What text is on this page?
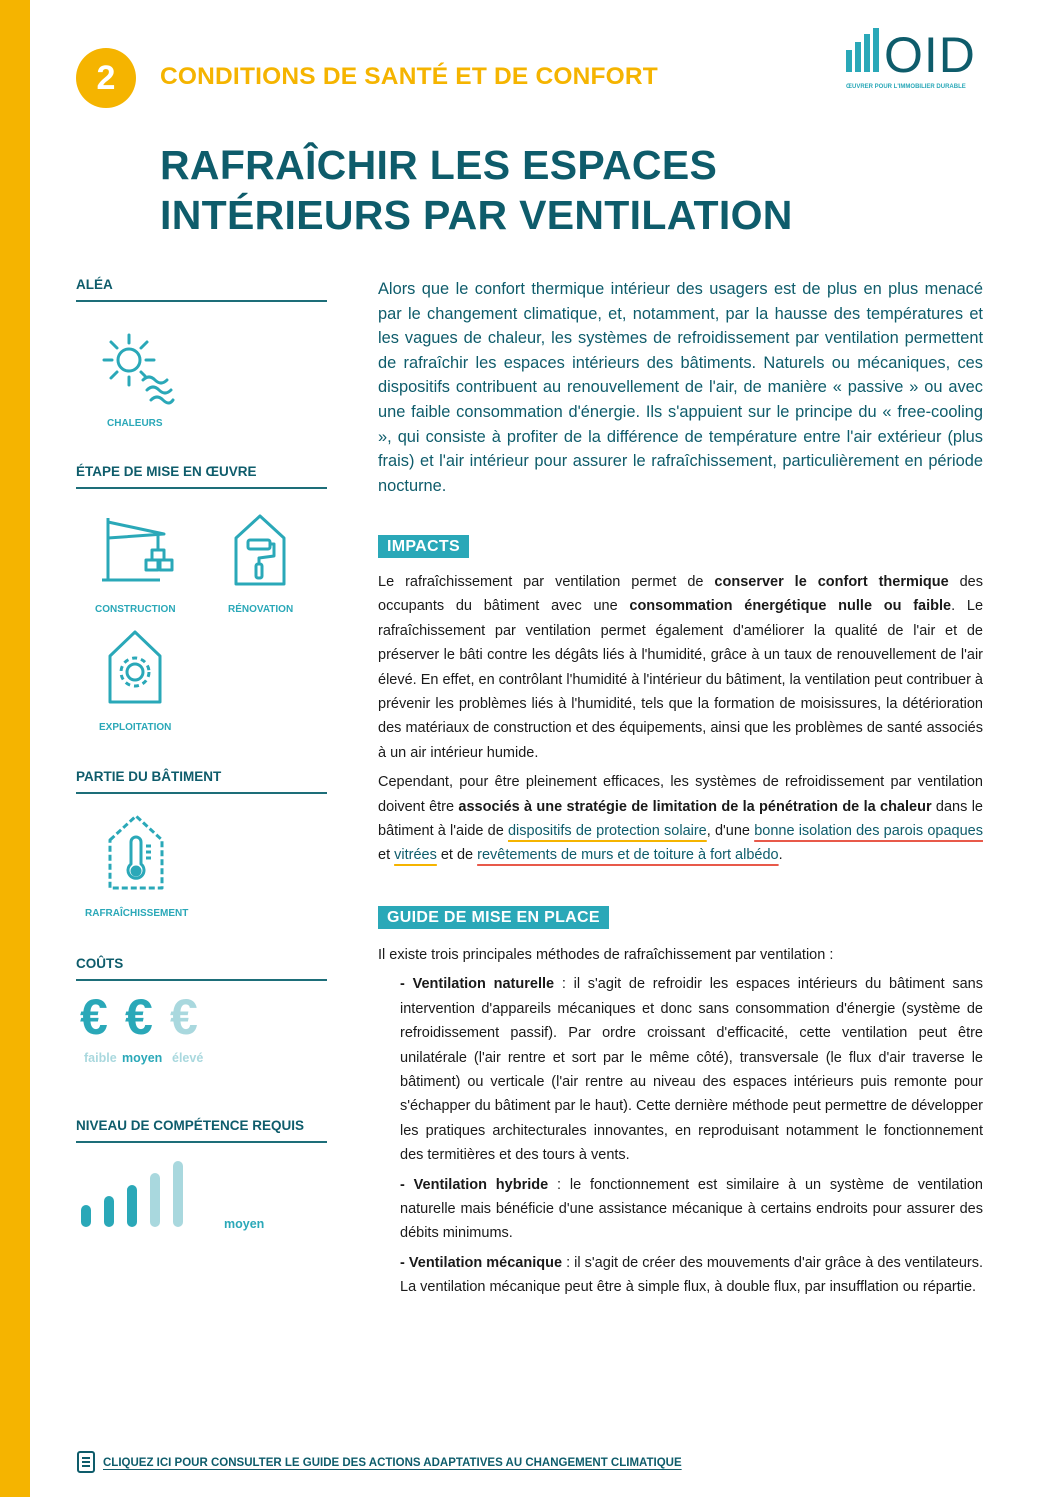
2	CONDITIONS DE SANTÉ ET DE CONFORT	OID
ŒUVRER POUR L'IMMOBILIER DURABLE
RAFRAÎCHIR LES ESPACES
INTÉRIEURS PAR VENTILATION
ALÉA
CHALEURS
ÉTAPE DE MISE EN ŒUVRE
CONSTRUCTION	RÉNOVATION
EXPLOITATION
PARTIE DU BÂTIMENT
RAFRAÎCHISSEMENT
COÛTS
€ € €
faible moyen élevé
NIVEAU DE COMPÉTENCE REQUIS
moyen
Alors que le confort thermique intérieur des usagers est de plus en plus menacé par le changement climatique, et, notamment, par la hausse des températures et les vagues de chaleur, les systèmes de refroidissement par ventilation permettent de rafraîchir les espaces intérieurs des bâtiments. Naturels ou mécaniques, ces dispositifs contribuent au renouvellement de l'air, de manière « passive » ou avec une faible consommation d'énergie. Ils s'appuient sur le principe du « free-cooling », qui consiste à profiter de la différence de température entre l'air extérieur (plus frais) et l'air intérieur pour assurer le rafraîchissement, particulièrement en période nocturne.
IMPACTS

Le rafraîchissement par ventilation permet de conserver le confort thermique des occupants du bâtiment avec une consommation énergétique nulle ou faible. Le rafraîchissement par ventilation permet également d'améliorer la qualité de l'air et de préserver le bâti contre les dégâts liés à l'humidité, grâce à un taux de renouvellement de l'air élevé. En effet, en contrôlant l'humidité à l'intérieur du bâtiment, la ventilation peut contribuer à prévenir les problèmes liés à l'humidité, tels que la formation de moisissures, la détérioration des matériaux de construction et des équipements, ainsi que les problèmes de santé associés à un air intérieur humide.

Cependant, pour être pleinement efficaces, les systèmes de refroidissement par ventilation doivent être associés à une stratégie de limitation de la pénétration de la chaleur dans le bâtiment à l'aide de dispositifs de protection solaire, d'une bonne isolation des parois opaques et vitrées et de revêtements de murs et de toiture à fort albédo.

GUIDE DE MISE EN PLACE

Il existe trois principales méthodes de rafraîchissement par ventilation :

- Ventilation naturelle : il s'agit de refroidir les espaces intérieurs du bâtiment sans intervention d'appareils mécaniques et donc sans consommation d'énergie (système de refroidissement passif). Par ordre croissant d'efficacité, cette ventilation peut être unilatérale (l'air rentre et sort par le même côté), transversale (le flux d'air traverse le bâtiment) ou verticale (l'air rentre au niveau des espaces intérieurs puis remonte pour s'échapper du bâtiment par le haut). Cette dernière méthode peut permettre de développer les pratiques architecturales innovantes, en reproduisant notamment le fonctionnement des termitières et des tours à vents.

- Ventilation hybride : le fonctionnement est similaire à un système de ventilation naturelle mais bénéficie d'une assistance mécanique à certains endroits pour assurer des débits minimums.

- Ventilation mécanique : il s'agit de créer des mouvements d'air grâce à des ventilateurs. La ventilation mécanique peut être à simple flux, à double flux, par insufflation ou répartie.

CLIQUEZ ICI POUR CONSULTER LE GUIDE DES ACTIONS ADAPTATIVES AU CHANGEMENT CLIMATIQUE
